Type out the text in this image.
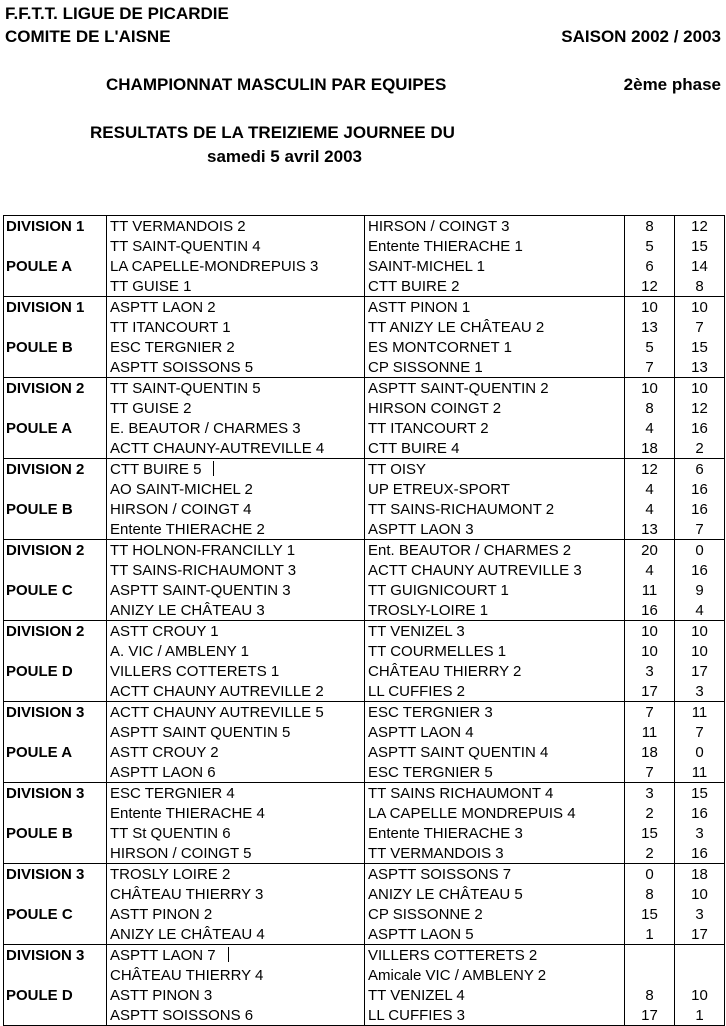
F.F.T.T. LIGUE DE PICARDIE
COMITE DE L'AISNE	SAISON 2002 / 2003
CHAMPIONNAT MASCULIN PAR EQUIPES	2ème phase
RESULTATS DE LA TREIZIEME JOURNEE DU
samedi 5 avril 2003
DIVISION 1	TT VERMANDOIS 2	HIRSON / COINGT 3	8	12
	TT SAINT-QUENTIN 4	Entente THIERACHE 1	5	15
POULE A	LA CAPELLE-MONDREPUIS 3	SAINT-MICHEL 1	6	14
	TT GUISE 1	CTT BUIRE 2	12	8
DIVISION 1	ASPTT LAON 2	ASTT PINON 1	10	10
	TT ITANCOURT 1	TT ANIZY LE CHÂTEAU 2	13	7
POULE B	ESC TERGNIER 2	ES MONTCORNET 1	5	15
	ASPTT SOISSONS 5	CP SISSONNE 1	7	13
DIVISION 2	TT SAINT-QUENTIN 5	ASPTT SAINT-QUENTIN 2	10	10
	TT GUISE 2	HIRSON COINGT 2	8	12
POULE A	E. BEAUTOR / CHARMES 3	TT ITANCOURT 2	4	16
	ACTT CHAUNY-AUTREVILLE 4	CTT BUIRE 4	18	2
DIVISION 2	CTT BUIRE 5	TT OISY	12	6
	AO SAINT-MICHEL 2	UP ETREUX-SPORT	4	16
POULE B	HIRSON / COINGT 4	TT SAINS-RICHAUMONT 2	4	16
	Entente THIERACHE 2	ASPTT LAON 3	13	7
DIVISION 2	TT HOLNON-FRANCILLY 1	Ent. BEAUTOR / CHARMES 2	20	0
	TT SAINS-RICHAUMONT 3	ACTT CHAUNY AUTREVILLE 3	4	16
POULE C	ASPTT SAINT-QUENTIN 3	TT GUIGNICOURT 1	11	9
	ANIZY LE CHÂTEAU 3	TROSLY-LOIRE 1	16	4
DIVISION 2	ASTT CROUY 1	TT VENIZEL 3	10	10
	A. VIC / AMBLENY 1	TT COURMELLES 1	10	10
POULE D	VILLERS COTTERETS 1	CHÂTEAU THIERRY 2	3	17
	ACTT CHAUNY AUTREVILLE 2	LL CUFFIES 2	17	3
DIVISION 3	ACTT CHAUNY AUTREVILLE 5	ESC TERGNIER 3	7	11
	ASPTT SAINT QUENTIN 5	ASPTT LAON 4	11	7
POULE A	ASTT CROUY 2	ASPTT SAINT QUENTIN 4	18	0
	ASPTT LAON 6	ESC TERGNIER 5	7	11
DIVISION 3	ESC TERGNIER 4	TT SAINS RICHAUMONT 4	3	15
	Entente THIERACHE 4	LA CAPELLE MONDREPUIS 4	2	16
POULE B	TT St QUENTIN 6	Entente THIERACHE 3	15	3
	HIRSON / COINGT 5	TT VERMANDOIS 3	2	16
DIVISION 3	TROSLY LOIRE 2	ASPTT SOISSONS 7	0	18
	CHÂTEAU THIERRY 3	ANIZY LE CHÂTEAU 5	8	10
POULE C	ASTT PINON 2	CP SISSONNE 2	15	3
	ANIZY LE CHÂTEAU 4	ASPTT LAON 5	1	17
DIVISION 3	ASPTT LAON 7	VILLERS COTTERETS 2		
	CHÂTEAU THIERRY 4	Amicale VIC / AMBLENY 2		
POULE D	ASTT PINON 3	TT VENIZEL 4	8	10
	ASPTT SOISSONS 6	LL CUFFIES 3	17	1
